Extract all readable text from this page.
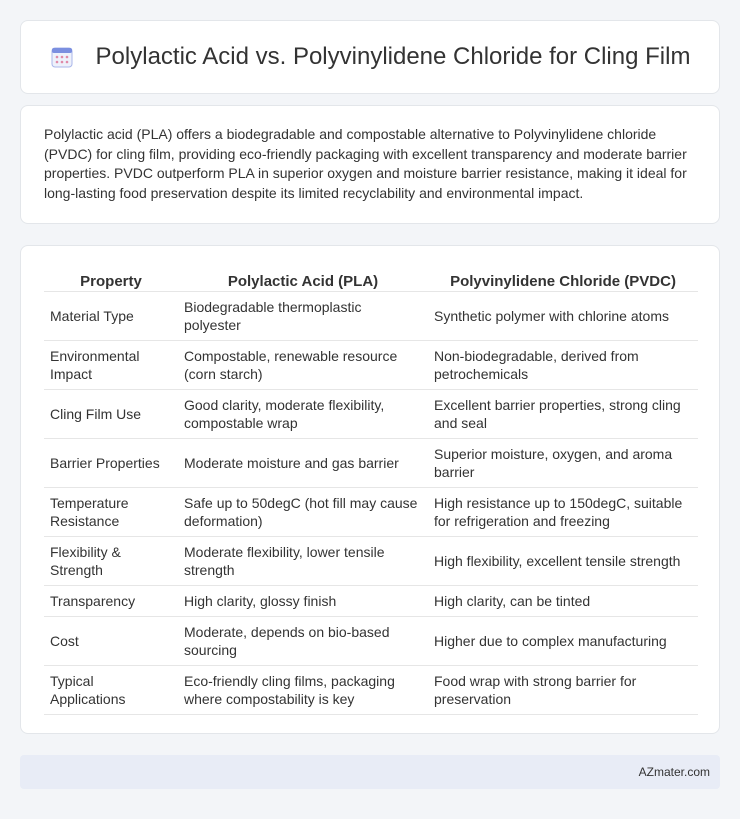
Polylactic Acid vs. Polyvinylidene Chloride for Cling Film

Polylactic acid (PLA) offers a biodegradable and compostable alternative to Polyvinylidene chloride (PVDC) for cling film, providing eco-friendly packaging with excellent transparency and moderate barrier properties. PVDC outperform PLA in superior oxygen and moisture barrier resistance, making it ideal for long-lasting food preservation despite its limited recyclability and environmental impact.

Property	Polylactic Acid (PLA)	Polyvinylidene Chloride (PVDC)
Material Type	Biodegradable thermoplastic polyester	Synthetic polymer with chlorine atoms
Environmental Impact	Compostable, renewable resource (corn starch)	Non-biodegradable, derived from petrochemicals
Cling Film Use	Good clarity, moderate flexibility, compostable wrap	Excellent barrier properties, strong cling and seal
Barrier Properties	Moderate moisture and gas barrier	Superior moisture, oxygen, and aroma barrier
Temperature Resistance	Safe up to 50degC (hot fill may cause deformation)	High resistance up to 150degC, suitable for refrigeration and freezing
Flexibility & Strength	Moderate flexibility, lower tensile strength	High flexibility, excellent tensile strength
Transparency	High clarity, glossy finish	High clarity, can be tinted
Cost	Moderate, depends on bio-based sourcing	Higher due to complex manufacturing
Typical Applications	Eco-friendly cling films, packaging where compostability is key	Food wrap with strong barrier for preservation
AZmater.com
